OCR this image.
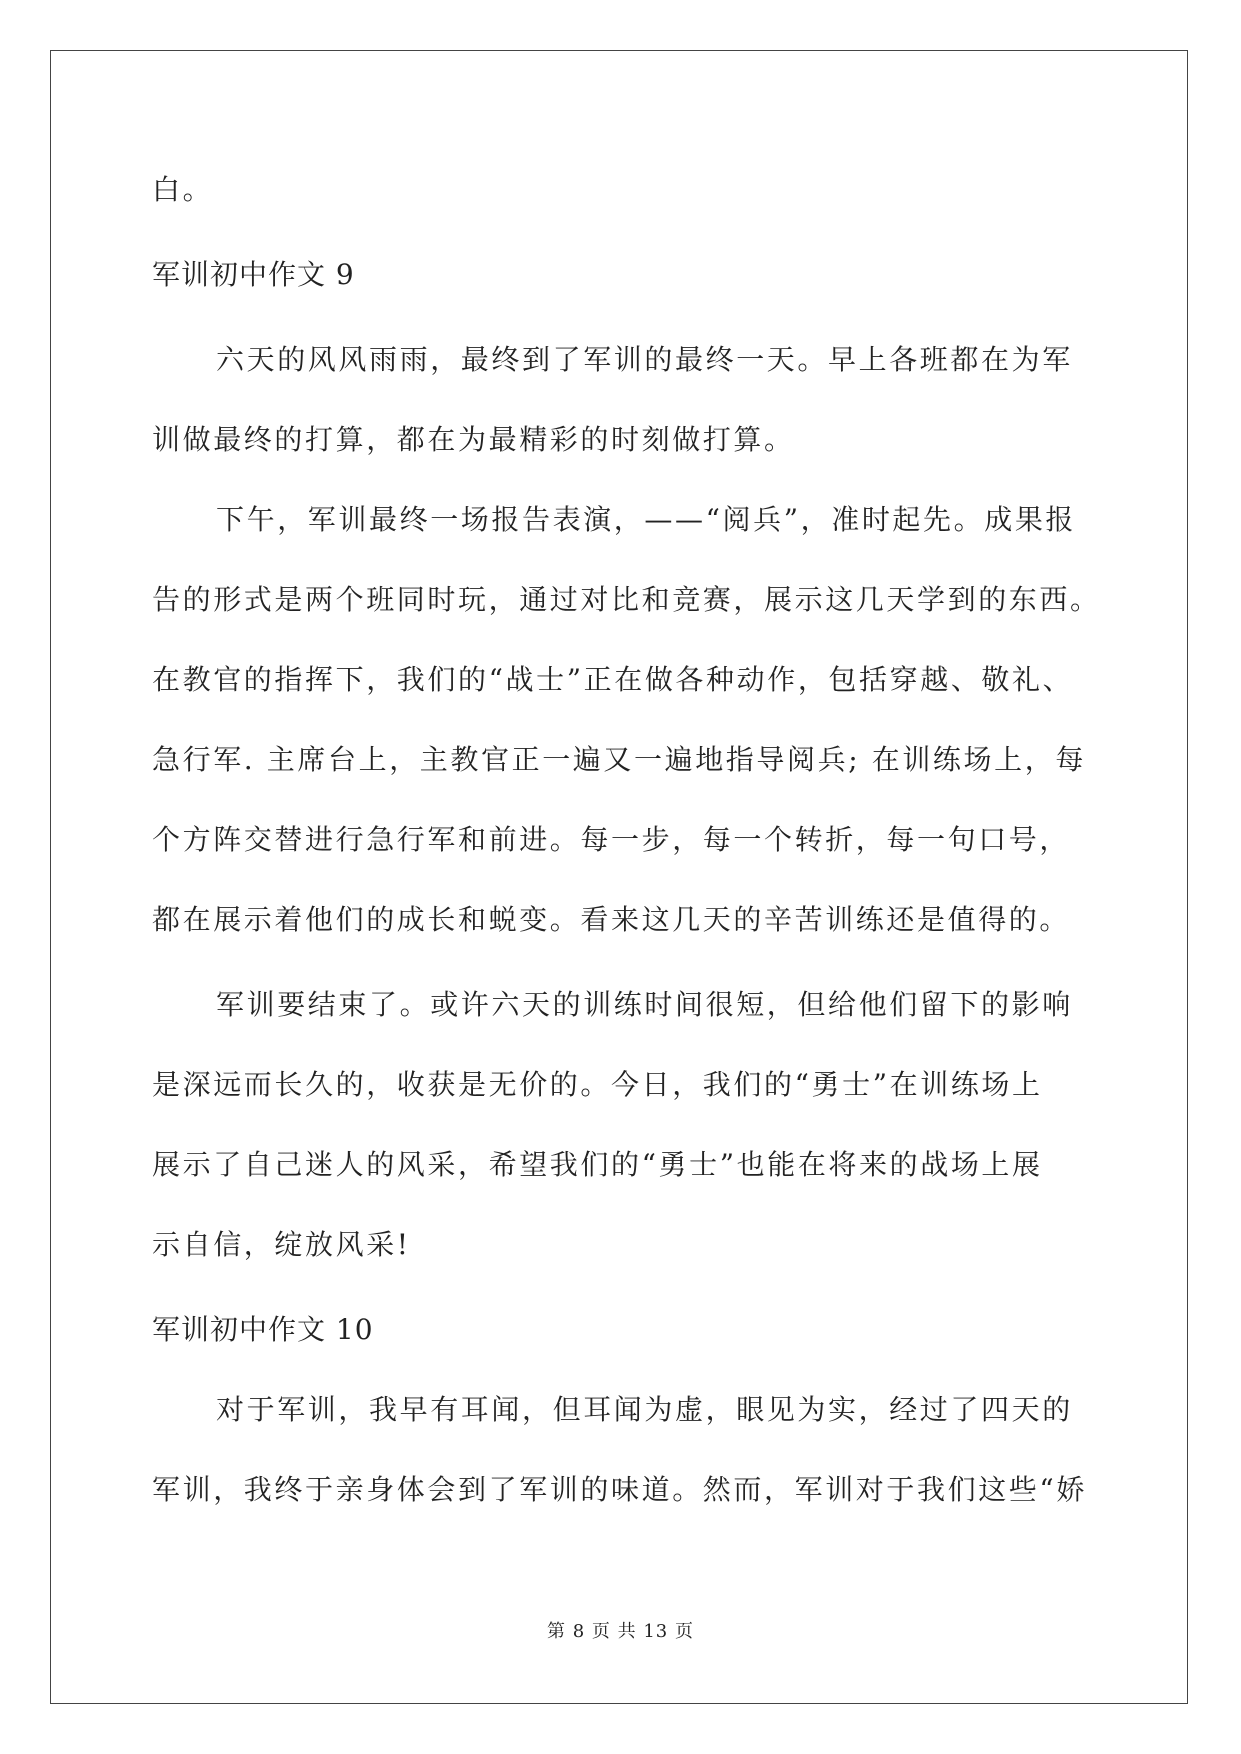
白。

军训初中作文 9

六天的风风雨雨，最终到了军训的最终一天。早上各班都在为军

训做最终的打算，都在为最精彩的时刻做打算。

下午，军训最终一场报告表演，——“阅兵”，准时起先。成果报

告的形式是两个班同时玩，通过对比和竞赛，展示这几天学到的东西。

在教官的指挥下，我们的“战士”正在做各种动作，包括穿越、敬礼、

急行军. 主席台上，主教官正一遍又一遍地指导阅兵; 在训练场上，每

个方阵交替进行急行军和前进。每一步，每一个转折，每一句口号，

都在展示着他们的成长和蜕变。看来这几天的辛苦训练还是值得的。

军训要结束了。或许六天的训练时间很短，但给他们留下的影响

是深远而长久的，收获是无价的。今日，我们的“勇士”在训练场上

展示了自己迷人的风采，希望我们的“勇士”也能在将来的战场上展

示自信，绽放风采!

军训初中作文 10

对于军训，我早有耳闻，但耳闻为虚，眼见为实，经过了四天的

军训，我终于亲身体会到了军训的味道。然而，军训对于我们这些“娇

第 8 页 共 13 页
